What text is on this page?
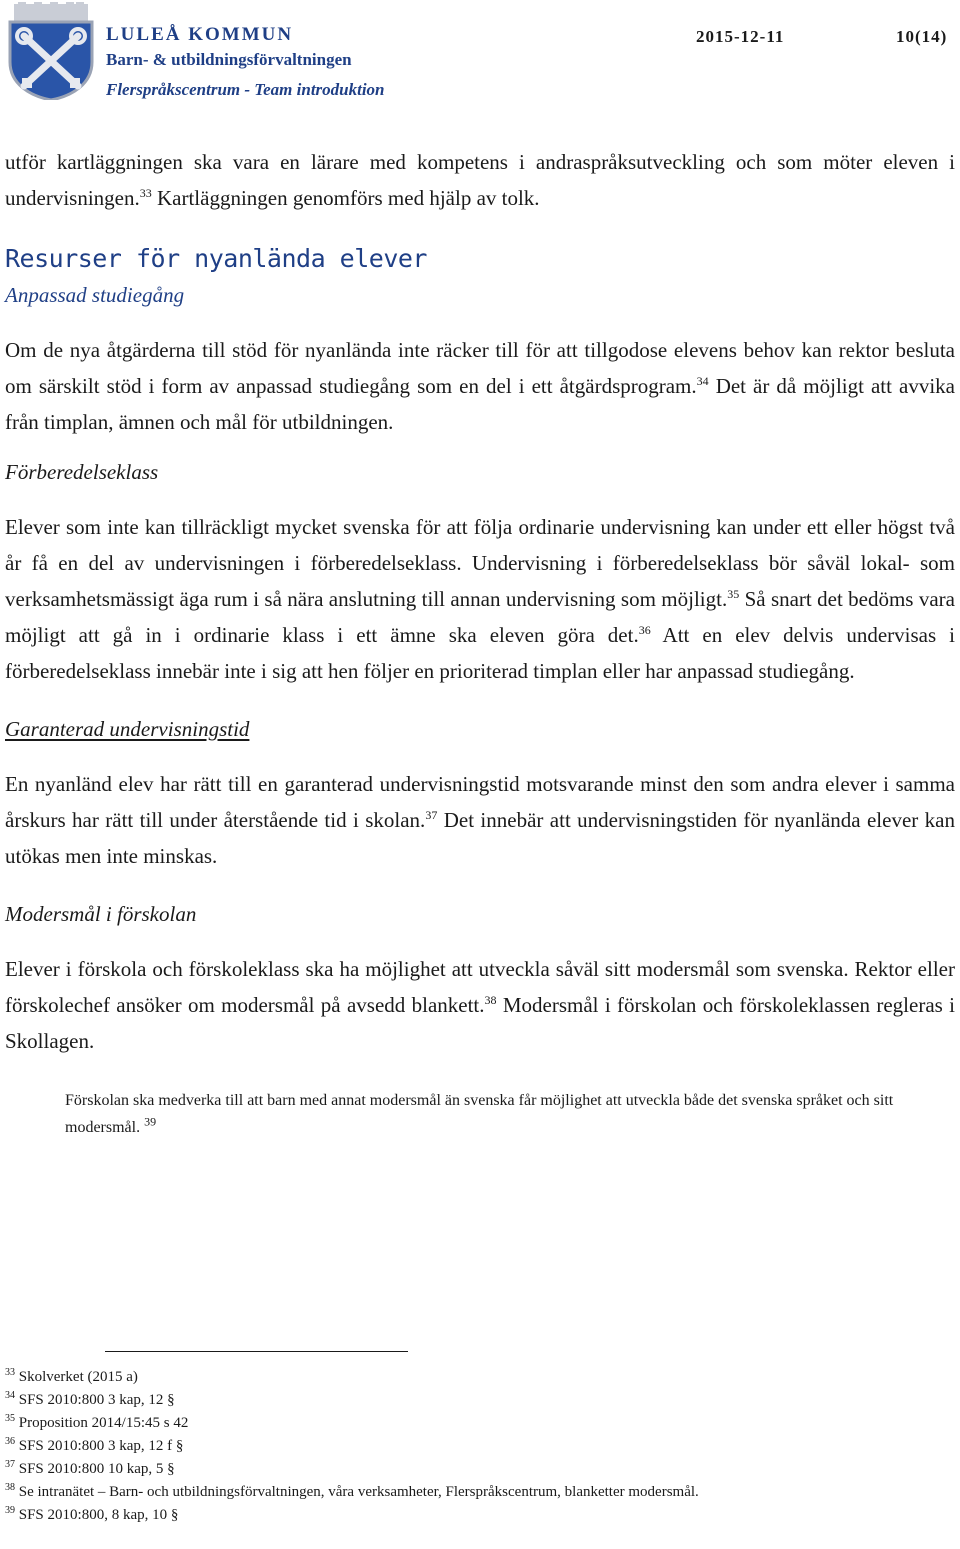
LULEÅ KOMMUN
Barn- & utbildningsförvaltningen
Flerspråkscentrum - Team introduktion
2015-12-11	10(14)

utför kartläggningen ska vara en lärare med kompetens i andraspråksutveckling och som möter eleven i undervisningen.$^{33}$ Kartläggningen genomförs med hjälp av tolk.

Resurser för nyanlända elever
Anpassad studiegång

Om de nya åtgärderna till stöd för nyanlända inte räcker till för att tillgodose elevens behov kan rektor besluta om särskilt stöd i form av anpassad studiegång som en del i ett åtgärdsprogram.$^{34}$ Det är då möjligt att avvika från timplan, ämnen och mål för utbildningen.

Förberedelseklass

Elever som inte kan tillräckligt mycket svenska för att följa ordinarie undervisning kan under ett eller högst två år få en del av undervisningen i förberedelseklass. Undervisning i förberedelseklass bör såväl lokal- som verksamhetsmässigt äga rum i så nära anslutning till annan undervisning som möjligt.$^{35}$ Så snart det bedöms vara möjligt att gå in i ordinarie klass i ett ämne ska eleven göra det.$^{36}$ Att en elev delvis undervisas i förberedelseklass innebär inte i sig att hen följer en prioriterad timplan eller har anpassad studiegång.

Garanterad undervisningstid

En nyanländ elev har rätt till en garanterad undervisningstid motsvarande minst den som andra elever i samma årskurs har rätt till under återstående tid i skolan.$^{37}$ Det innebär att undervisningstiden för nyanlända elever kan utökas men inte minskas.

Modersmål i förskolan

Elever i förskola och förskoleklass ska ha möjlighet att utveckla såväl sitt modersmål som svenska. Rektor eller förskolechef ansöker om modersmål på avsedd blankett.$^{38}$ Modersmål i förskolan och förskoleklassen regleras i Skollagen.

Förskolan ska medverka till att barn med annat modersmål än svenska får möjlighet att utveckla både det svenska språket och sitt modersmål. $^{39}$

$^{33}$ Skolverket (2015 a)

$^{34}$ SFS 2010:800 3 kap, 12 §

$^{35}$ Proposition 2014/15:45 s 42

$^{36}$ SFS 2010:800 3 kap, 12 f §

$^{37}$ SFS 2010:800 10 kap, 5 §

$^{38}$ Se intranätet – Barn- och utbildningsförvaltningen, våra verksamheter, Flerspråkscentrum, blanketter modersmål.

$^{39}$ SFS 2010:800, 8 kap, 10 §
